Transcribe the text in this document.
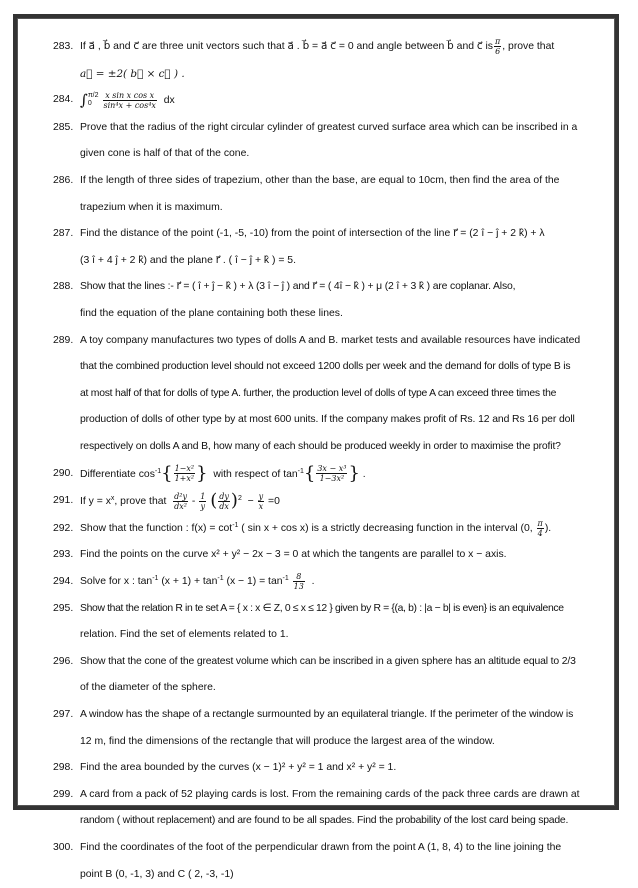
283. If a⃗ , b⃗ and c⃗ are three unit vectors such that a⃗ . b⃗ = a⃗ c⃗ = 0 and angle between b⃗ and c⃗ is $\frac{\pi}{6}$ , prove that
a⃗ = ±2( b⃗ × c⃗ ) .
284. ∫ π/2
0	$\frac{\text{x sin x cos x}}{\text{sin⁴x + cos⁴x}}$ dx
285. Prove that the radius of the right circular cylinder of greatest curved surface area which can be inscribed in a
given cone is half of that of the cone.
286. If the length of three sides of trapezium, other than the base, are equal to 10cm, then find the area of the
trapezium when it is maximum.
287. Find the distance of the point (-1, -5, -10) from the point of intersection of the line r⃗ = (2 î − ĵ + 2 k̂) + λ
(3 î + 4 ĵ + 2 k̂) and the plane r⃗ . ( î − ĵ + k̂ ) = 5.
288. Show that the lines :- r⃗ = ( î + ĵ − k̂ ) + λ (3 î − ĵ ) and r⃗ = ( 4î − k̂ ) + μ (2 î + 3 k̂ ) are coplanar. Also,
find the equation of the plane containing both these lines.
289. A toy company manufactures two types of dolls A and B. market tests and available resources have indicated
that the combined production level should not exceed 1200 dolls per week and the demand for dolls of type B is
at most half of that for dolls of type A. further, the production level of dolls of type A can exceed three times the
production of dolls of other type by at most 600 units. If the company makes profit of Rs. 12 and Rs 16 per doll
respectively on dolls A and B, how many of each should be produced weekly in order to maximise the profit?
290. Differentiate $\cos^{-1}\{ \frac{\text{1−x²}}{\text{1+x²}}$ } with respect of $\tan^{-1}\{ \frac{\text{3x − x³}}{\text{1−3x²}}$ } .
291. If $y = x^x$, prove that $\frac{\text{d²y}}{\text{dx²}} - \frac{1}{y}$ ( $\frac{dy}{dx} )^2 - \frac{y}{x} =0$
292. Show that the function : $f(x) = \cot^{-1}$ ( sin x + cos x) is a strictly decreasing function in the interval (0, $\frac{\pi}{4}$ ).
293. Find the points on the curve x² + y² − 2x − 3 = 0 at which the tangents are parallel to x − axis.
294. Solve for x : $\tan^{-1} (x + 1) + \tan^{-1} (x - 1) = \tan^{-1} \frac{8}{13}$ .
295. Show that the relation R in te set A = { x : x ∈ Z, 0 ≤ x ≤ 12 } given by R = {(a, b) : |a − b| is even} is an equivalence
relation. Find the set of elements related to 1.
296. Show that the cone of the greatest volume which can be inscribed in a given sphere has an altitude equal to 2/3
of the diameter of the sphere.
297. A window has the shape of a rectangle surmounted by an equilateral triangle. If the perimeter of the window is
12 m, find the dimensions of the rectangle that will produce the largest area of the window.
298. Find the area bounded by the curves (x − 1)² + y² = 1 and x² + y² = 1.
299. A card from a pack of 52 playing cards is lost. From the remaining cards of the pack three cards are drawn at
random ( without replacement) and are found to be all spades. Find the probability of the lost card being spade.
300. Find the coordinates of the foot of the perpendicular drawn from the point A (1, 8, 4) to the line joining the
point B (0, -1, 3) and C ( 2, -3, -1)
